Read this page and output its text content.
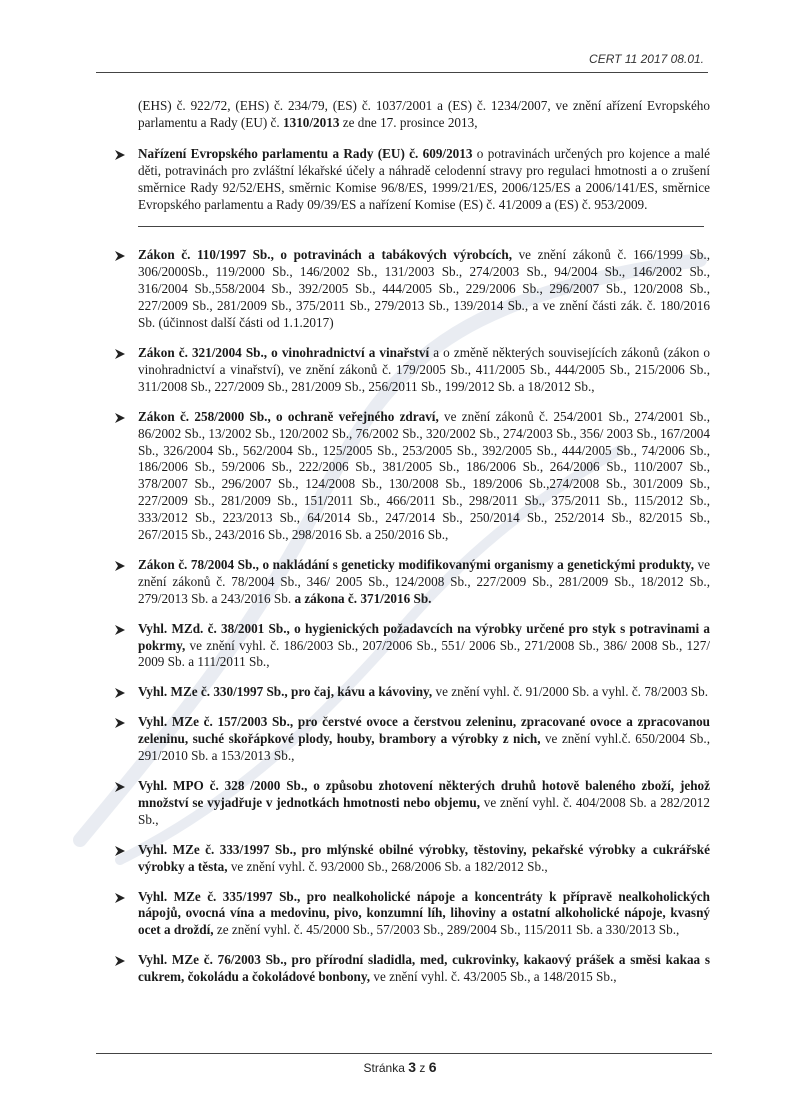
CERT 11 2017 08.01.
(EHS) č. 922/72, (EHS) č. 234/79, (ES) č. 1037/2001 a (ES) č. 1234/2007, ve znění ařízení Evropského parlamentu a Rady (EU) č. 1310/2013 ze dne 17. prosince 2013,
Nařízení Evropského parlamentu a Rady (EU) č. 609/2013 o potravinách určených pro kojence a malé děti, potravinách pro zvláštní lékařské účely a náhradě celodenní stravy pro regulaci hmotnosti a o zrušení směrnice Rady 92/52/EHS, směrnic Komise 96/8/ES, 1999/21/ES, 2006/125/ES a 2006/141/ES, směrnice Evropského parlamentu a Rady 09/39/ES a nařízení Komise (ES) č. 41/2009 a (ES) č. 953/2009.
Zákon č. 110/1997 Sb., o potravinách a tabákových výrobcích, ve znění zákonů č. 166/1999 Sb., 306/2000Sb., 119/2000 Sb., 146/2002 Sb., 131/2003 Sb., 274/2003 Sb., 94/2004 Sb., 146/2002 Sb., 316/2004 Sb.,558/2004 Sb., 392/2005 Sb., 444/2005 Sb., 229/2006 Sb., 296/2007 Sb., 120/2008 Sb., 227/2009 Sb., 281/2009 Sb., 375/2011 Sb., 279/2013 Sb., 139/2014 Sb., a ve znění části zák. č. 180/2016 Sb. (účinnost další části od 1.1.2017)
Zákon č. 321/2004 Sb., o vinohradnictví a vinařství a o změně některých souvisejících zákonů (zákon o vinohradnictví a vinařství), ve znění zákonů č. 179/2005 Sb., 411/2005 Sb., 444/2005 Sb., 215/2006 Sb., 311/2008 Sb., 227/2009 Sb., 281/2009 Sb., 256/2011 Sb., 199/2012 Sb. a 18/2012 Sb.,
Zákon č. 258/2000 Sb., o ochraně veřejného zdraví, ve znění zákonů č. 254/2001 Sb., 274/2001 Sb., 86/2002 Sb., 13/2002 Sb., 120/2002 Sb., 76/2002 Sb., 320/2002 Sb., 274/2003 Sb., 356/ 2003 Sb., 167/2004 Sb., 326/2004 Sb., 562/2004 Sb., 125/2005 Sb., 253/2005 Sb., 392/2005 Sb., 444/2005 Sb., 74/2006 Sb., 186/2006 Sb., 59/2006 Sb., 222/2006 Sb., 381/2005 Sb., 186/2006 Sb., 264/2006 Sb., 110/2007 Sb., 378/2007 Sb., 296/2007 Sb., 124/2008 Sb., 130/2008 Sb., 189/2006 Sb.,274/2008 Sb., 301/2009 Sb., 227/2009 Sb., 281/2009 Sb., 151/2011 Sb., 466/2011 Sb., 298/2011 Sb., 375/2011 Sb., 115/2012 Sb., 333/2012 Sb., 223/2013 Sb., 64/2014 Sb., 247/2014 Sb., 250/2014 Sb., 252/2014 Sb., 82/2015 Sb., 267/2015 Sb., 243/2016 Sb., 298/2016 Sb. a 250/2016 Sb.,
Zákon č. 78/2004 Sb., o nakládání s geneticky modifikovanými organismy a genetickými produkty, ve znění zákonů č. 78/2004 Sb., 346/ 2005 Sb., 124/2008 Sb., 227/2009 Sb., 281/2009 Sb., 18/2012 Sb., 279/2013 Sb. a 243/2016 Sb. a zákona č. 371/2016 Sb.
Vyhl. MZd. č. 38/2001 Sb., o hygienických požadavcích na výrobky určené pro styk s potravinami a pokrmy, ve znění vyhl. č. 186/2003 Sb., 207/2006 Sb., 551/ 2006 Sb., 271/2008 Sb., 386/ 2008 Sb., 127/ 2009 Sb. a 111/2011 Sb.,
Vyhl. MZe č. 330/1997 Sb., pro čaj, kávu a kávoviny, ve znění vyhl. č. 91/2000 Sb. a vyhl. č. 78/2003 Sb.
Vyhl. MZe č. 157/2003 Sb., pro čerstvé ovoce a čerstvou zeleninu, zpracované ovoce a zpracovanou zeleninu, suché skořápkové plody, houby, brambory a výrobky z nich, ve znění vyhl.č. 650/2004 Sb., 291/2010 Sb. a 153/2013 Sb.,
Vyhl. MPO č. 328 /2000 Sb., o způsobu zhotovení některých druhů hotově baleného zboží, jehož množství se vyjadřuje v jednotkách hmotnosti nebo objemu, ve znění vyhl. č. 404/2008 Sb. a 282/2012 Sb.,
Vyhl. MZe č. 333/1997 Sb., pro mlýnské obilné výrobky, těstoviny, pekařské výrobky a cukrářské výrobky a těsta, ve znění vyhl. č. 93/2000 Sb., 268/2006 Sb. a 182/2012 Sb.,
Vyhl. MZe č. 335/1997 Sb., pro nealkoholické nápoje a koncentráty k přípravě nealkoholických nápojů, ovocná vína a medovinu, pivo, konzumní líh, lihoviny a ostatní alkoholické nápoje, kvasný ocet a droždí, ze znění vyhl. č. 45/2000 Sb., 57/2003 Sb., 289/2004 Sb., 115/2011 Sb. a 330/2013 Sb.,
Vyhl. MZe č. 76/2003 Sb., pro přírodní sladidla, med, cukrovinky, kakaový prášek a směsi kakaa s cukrem, čokoládu a čokoládové bonbony, ve znění vyhl. č. 43/2005 Sb., a 148/2015 Sb.,
Stránka 3 z 6
